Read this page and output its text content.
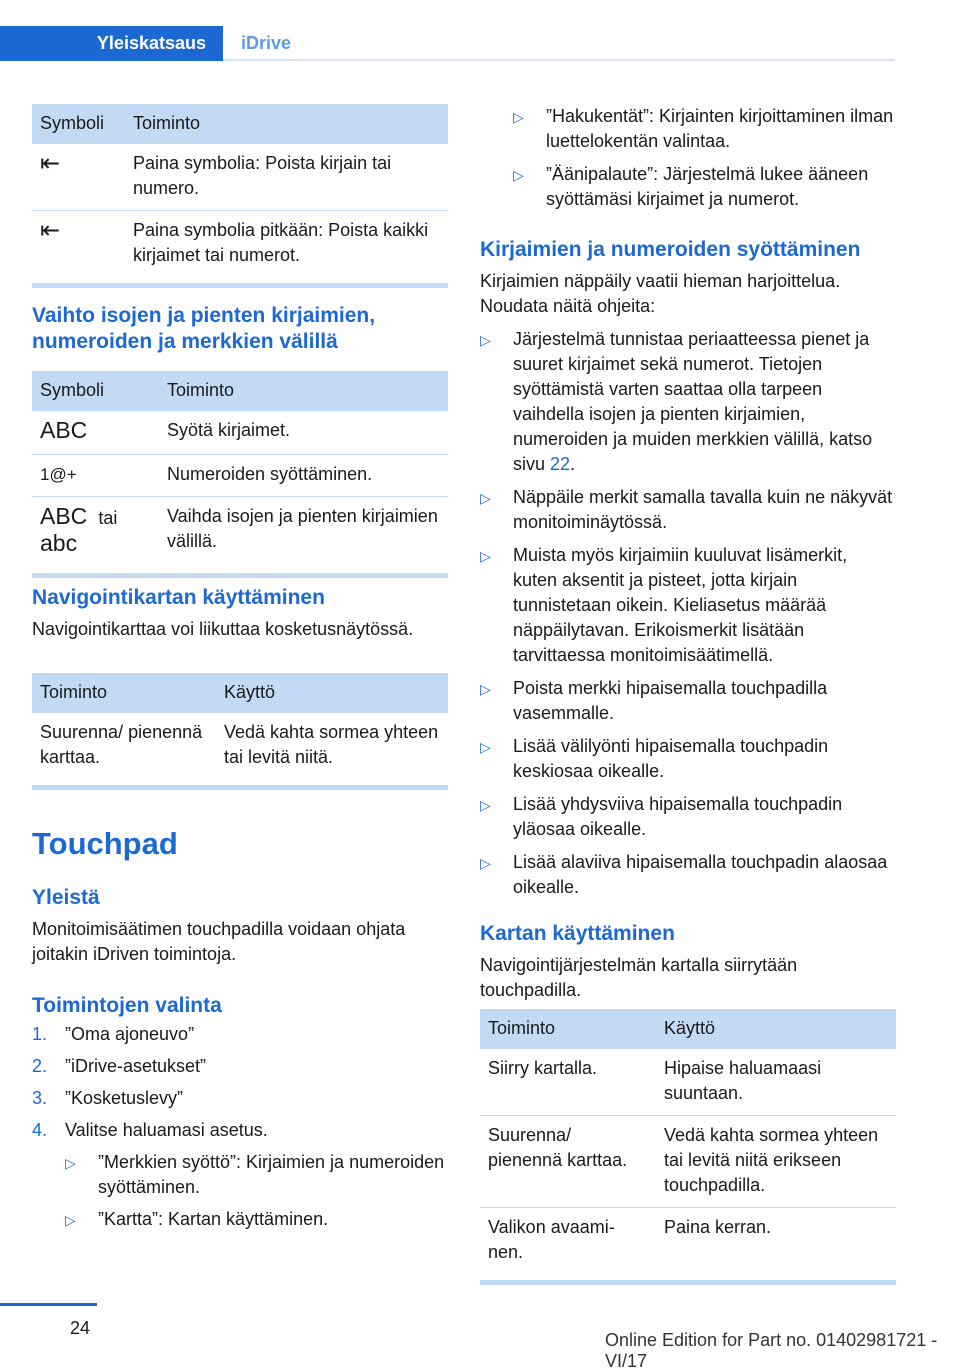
Yleiskatsaus	iDrive
Symboli	Toiminto
⇤	Paina symbolia: Poista kirjain tai numero.
⇤	Paina symbolia pitkään: Poista kaikki kirjaimet tai numerot.
Vaihto isojen ja pienten kirjaimien, numeroiden ja merkkien välillä
Symboli	Toiminto
ABC	Syötä kirjaimet.
1@+	Numeroiden syöttäminen.
ABC tai
abc	Vaihda isojen ja pienten kirjaimien välillä.
Navigointikartan käyttäminen
Navigointikarttaa voi liikuttaa kosketusnäytössä.
Toiminto	Käyttö
Suurenna/ pienennä karttaa.	Vedä kahta sormea yhteen tai levitä niitä.
Touchpad
Yleistä
Monitoimisäätimen touchpadilla voidaan ohjata joitakin iDriven toimintoja.
Toimintojen valinta
1. ”Oma ajoneuvo”
2. ”iDrive-asetukset”
3. ”Kosketuslevy”
4. Valitse haluamasi asetus.
▷ ”Merkkien syöttö”: Kirjaimien ja numeroiden syöttäminen.
▷ ”Kartta”: Kartan käyttäminen.
▷ ”Hakukentät”: Kirjainten kirjoittaminen ilman luettelokentän valintaa.
▷ ”Äänipalaute”: Järjestelmä lukee ääneen syöttämäsi kirjaimet ja numerot.
Kirjaimien ja numeroiden syöttäminen
Kirjaimien näppäily vaatii hieman harjoittelua. Noudata näitä ohjeita:
▷ Järjestelmä tunnistaa periaatteessa pienet ja suuret kirjaimet sekä numerot. Tietojen syöttämistä varten saattaa olla tarpeen vaihdella isojen ja pienten kirjaimien, numeroiden ja muiden merkkien välillä, katso sivu 22.
▷ Näppäile merkit samalla tavalla kuin ne näkyvät monitoiminäytössä.
▷ Muista myös kirjaimiin kuuluvat lisämerkit, kuten aksentit ja pisteet, jotta kirjain tunnistetaan oikein. Kieliasetus määrää näppäilytavan. Erikoismerkit lisätään tarvittaessa monitoimisäätimellä.
▷ Poista merkki hipaisemalla touchpadilla vasemmalle.
▷ Lisää välilyönti hipaisemalla touchpadin keskiosaa oikealle.
▷ Lisää yhdysviiva hipaisemalla touchpadin yläosaa oikealle.
▷ Lisää alaviiva hipaisemalla touchpadin alaosaa oikealle.
Kartan käyttäminen
Navigointijärjestelmän kartalla siirrytään touchpadilla.
Toiminto	Käyttö
Siirry kartalla.	Hipaise haluamaasi suuntaan.
Suurenna/ pienennä karttaa.	Vedä kahta sormea yhteen tai levitä niitä erikseen touchpadilla.
Valikon avaami- nen.	Paina kerran.
24
Online Edition for Part no. 01402981721 - VI/17
